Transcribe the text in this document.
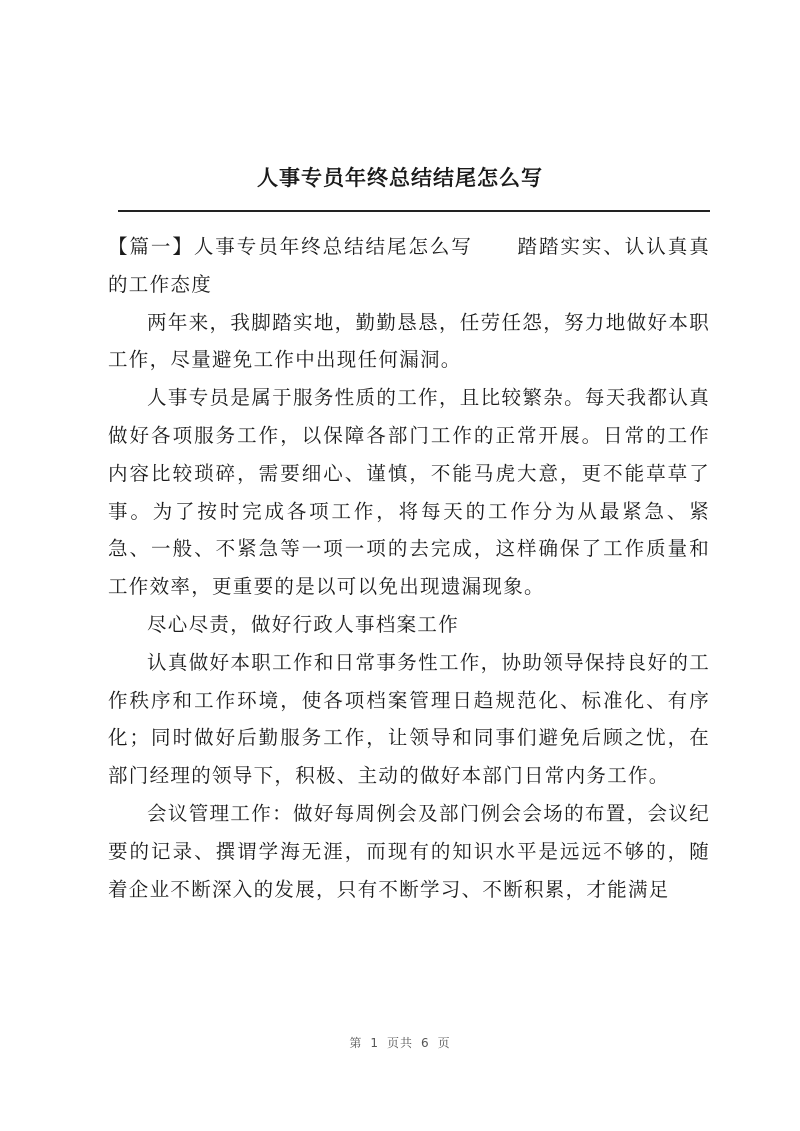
人事专员年终总结结尾怎么写

【篇一】人事专员年终总结结尾怎么写 踏踏实实、认认真真的工作态度

两年来，我脚踏实地，勤勤恳恳，任劳任怨，努力地做好本职工作，尽量避免工作中出现任何漏洞。

人事专员是属于服务性质的工作，且比较繁杂。每天我都认真做好各项服务工作，以保障各部门工作的正常开展。日常的工作内容比较琐碎，需要细心、谨慎，不能马虎大意，更不能草草了事。为了按时完成各项工作，将每天的工作分为从最紧急、紧急、一般、不紧急等一项一项的去完成，这样确保了工作质量和工作效率，更重要的是以可以免出现遗漏现象。

尽心尽责，做好行政人事档案工作

认真做好本职工作和日常事务性工作，协助领导保持良好的工作秩序和工作环境，使各项档案管理日趋规范化、标准化、有序化；同时做好后勤服务工作，让领导和同事们避免后顾之忧，在部门经理的领导下，积极、主动的做好本部门日常内务工作。

会议管理工作：做好每周例会及部门例会会场的布置，会议纪要的记录、撰谓学海无涯，而现有的知识水平是远远不够的，随着企业不断深入的发展，只有不断学习、不断积累，才能满足

第 1 页共 6 页
